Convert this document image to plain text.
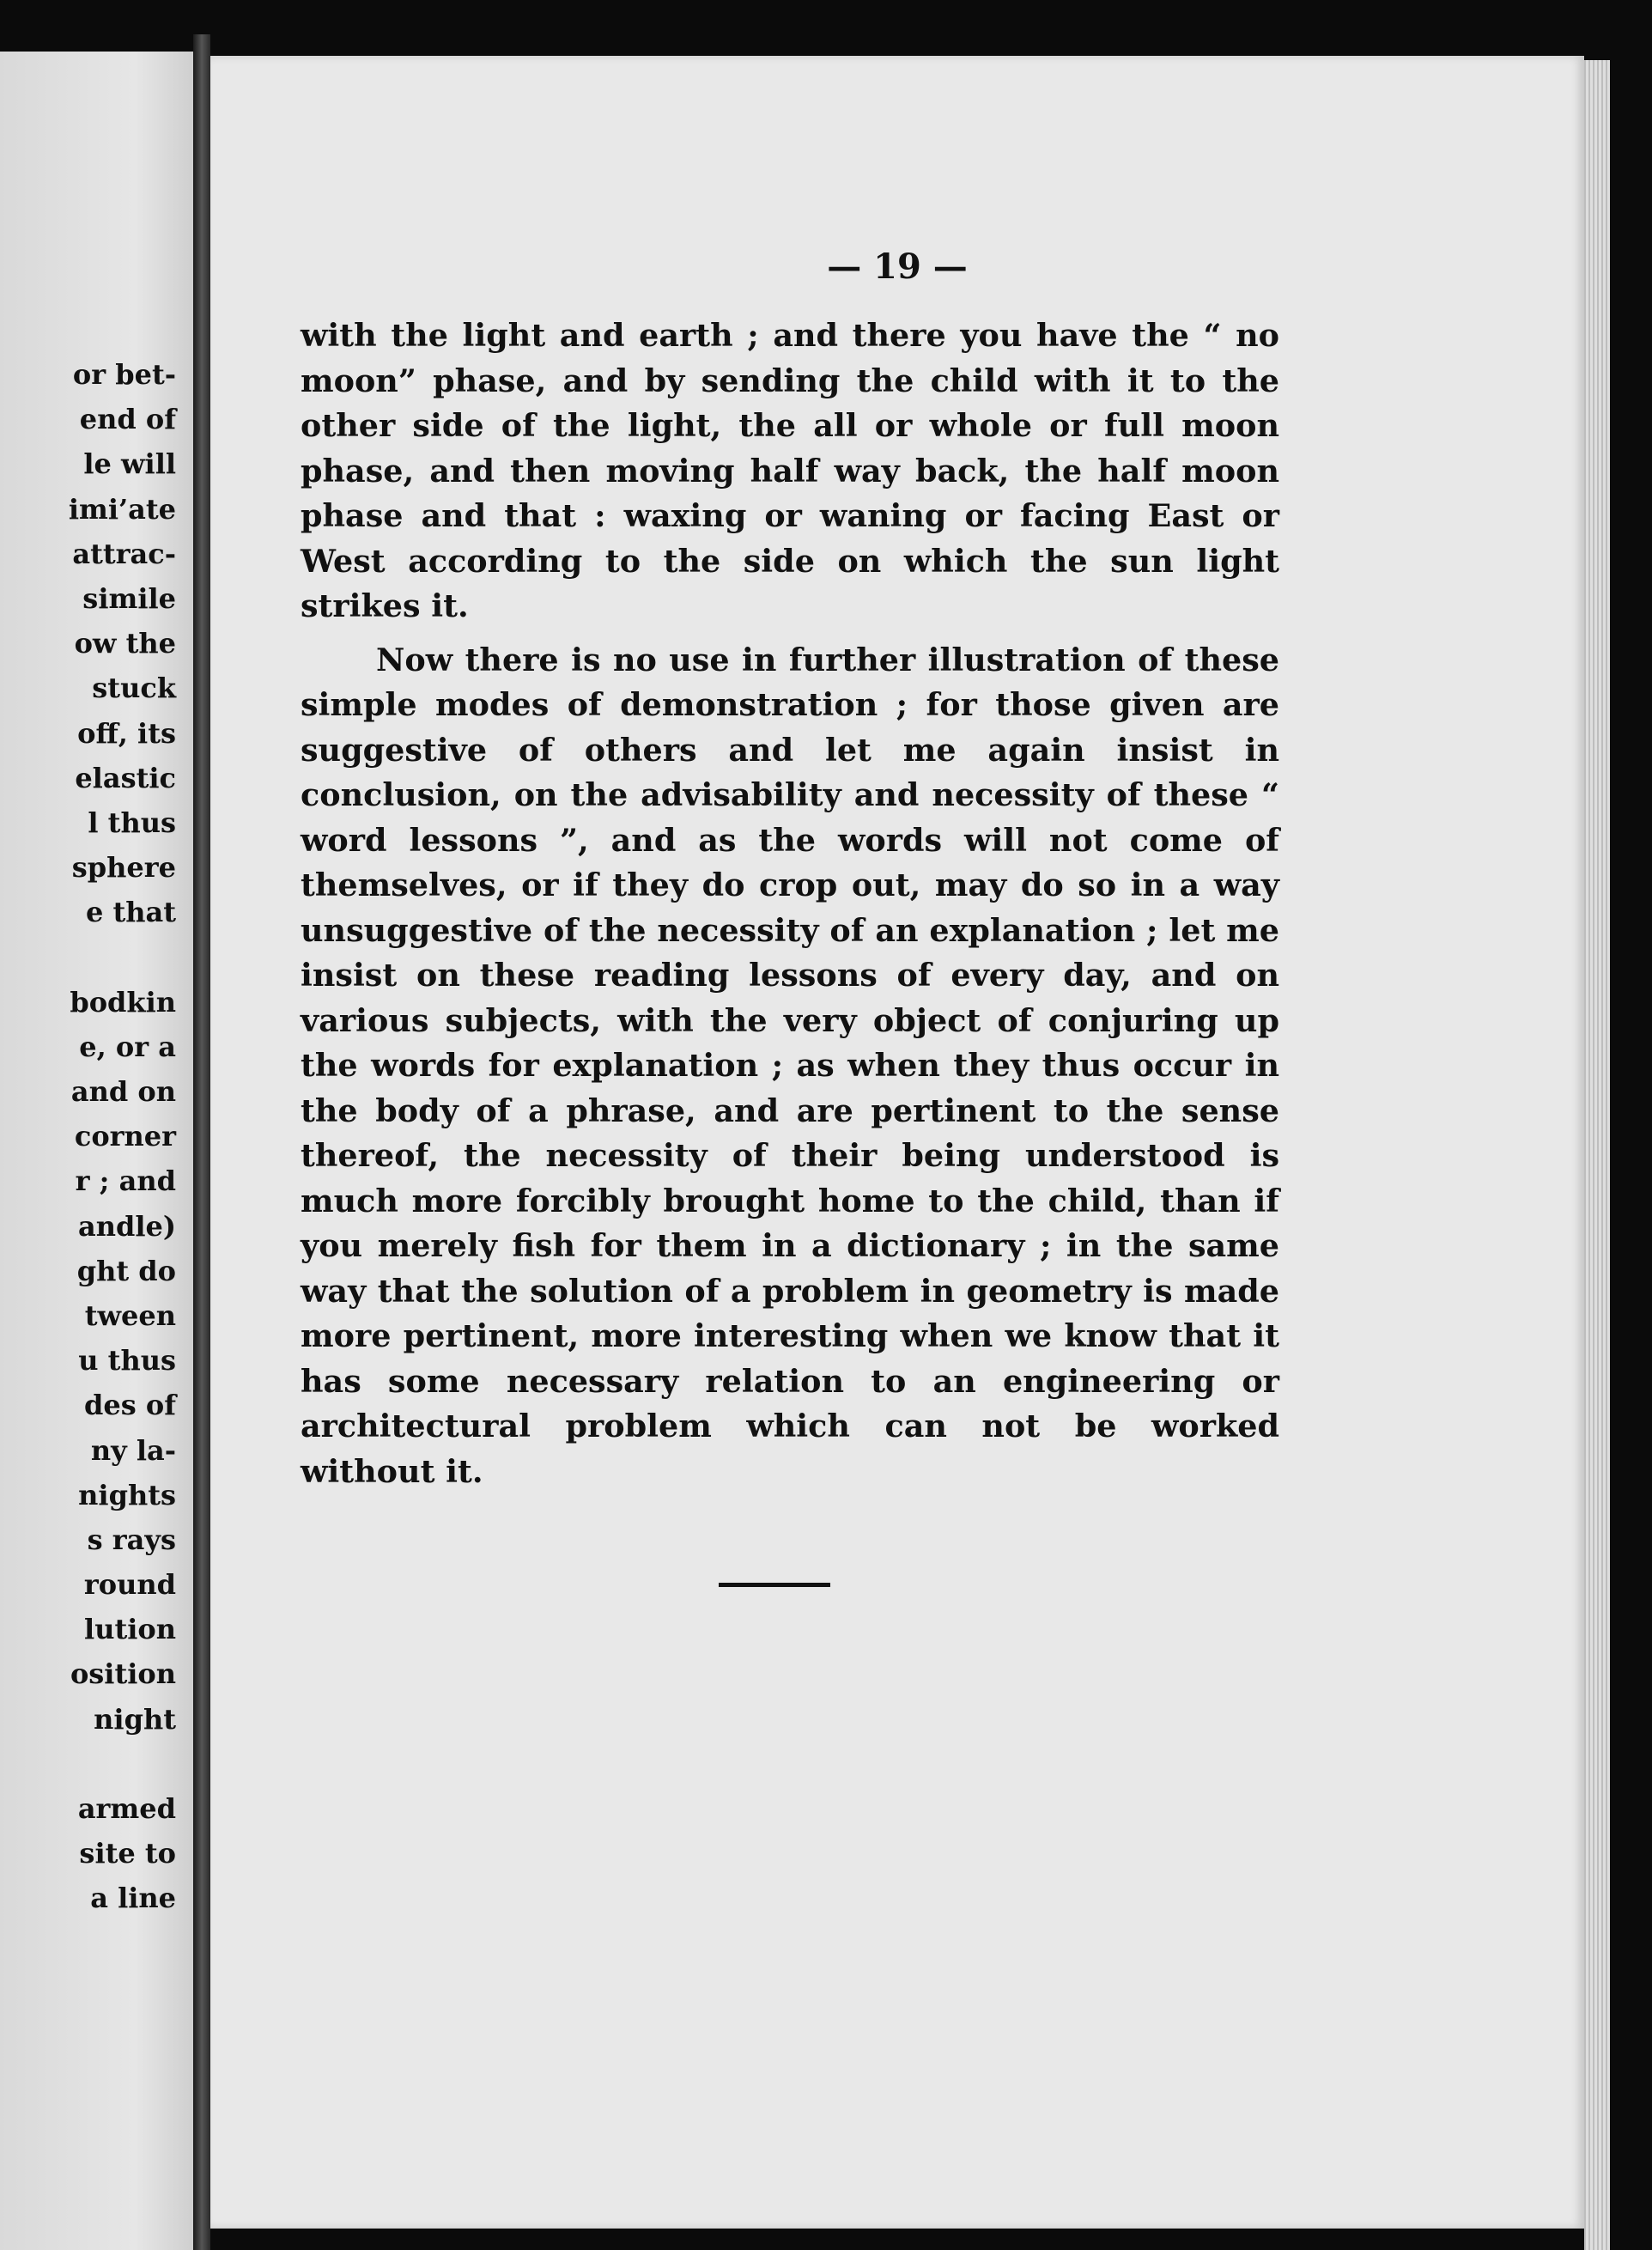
or bet-
end of
le will
imi’ate
attrac-
simile
ow the
stuck
off, its
elastic
l thus
sphere
e that
bodkin
e, or a
and on
corner
r ; and
andle)
ght do
tween
u thus
des of
ny la-
nights
s rays
round
lution
osition
night
armed
site to
a line
— 19 —

with the light and earth ; and there you have the “ no moon” phase, and by sending the child with it to the other side of the light, the all or whole or full moon phase, and then moving half way back, the half moon phase and that : waxing or waning or facing East or West according to the side on which the sun light strikes it.

Now there is no use in further illustration of these simple modes of demonstration ; for those given are suggestive of others and let me again insist in conclusion, on the advisability and necessity of these “ word lessons ”, and as the words will not come of themselves, or if they do crop out, may do so in a way unsuggestive of the necessity of an explanation ; let me insist on these reading lessons of every day, and on various subjects, with the very object of conjuring up the words for explanation ; as when they thus occur in the body of a phrase, and are pertinent to the sense thereof, the necessity of their being understood is much more forcibly brought home to the child, than if you merely fish for them in a dictionary ; in the same way that the solution of a problem in geometry is made more pertinent, more interesting when we know that it has some necessary relation to an engineering or architectural problem which can not be worked without it.
